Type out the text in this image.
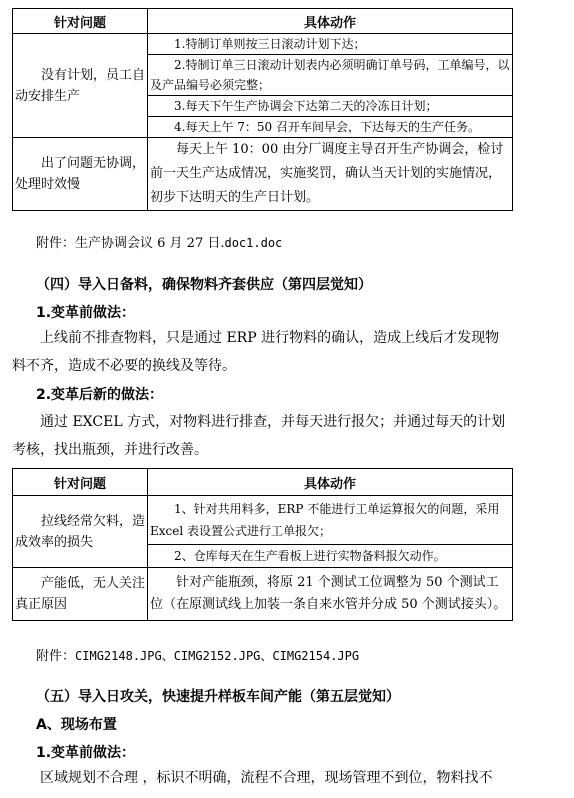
针对问题	具体动作

没有计划，员工自动安排生产	1.特制订单则按三日滚动计划下达；

	2.特制订单三日滚动计划表内必须明确订单号码，工单编号，以及产品编号必须完整；

	3.每天下午生产协调会下达第二天的冷冻日计划；

	4.每天上午 7：50 召开车间早会，下达每天的生产任务。

出了问题无协调，处理时效慢	每天上午 10：00 由分厂调度主导召开生产协调会，检讨前一天生产达成情况，实施奖罚，确认当天计划的实施情况，初步下达明天的生产日计划。
附件：生产协调会议 6 月 27 日.doc1.doc
（四）导入日备料，确保物料齐套供应（第四层觉知）
1.变革前做法：
上线前不排查物料，只是通过 ERP 进行物料的确认，造成上线后才发现物料不齐，造成不必要的换线及等待。
2.变革后新的做法：
通过 EXCEL 方式，对物料进行排查，并每天进行报欠；并通过每天的计划考核，找出瓶颈，并进行改善。
针对问题	具体动作

拉线经常欠料，造成效率的损失	1、针对共用料多，ERP 不能进行工单运算报欠的问题，采用 Excel 表设置公式进行工单报欠；

	2、仓库每天在生产看板上进行实物备料报欠动作。

产能低，无人关注真正原因	针对产能瓶颈，将原 21 个测试工位调整为 50 个测试工位（在原测试线上加装一条自来水管并分成 50 个测试接头）。
附件：CIMG2148.JPG、CIMG2152.JPG、CIMG2154.JPG
（五）导入日攻关，快速提升样板车间产能（第五层觉知）
A、现场布置
1.变革前做法：
区域规划不合理 ，标识不明确，流程不合理，现场管理不到位，物料找不
